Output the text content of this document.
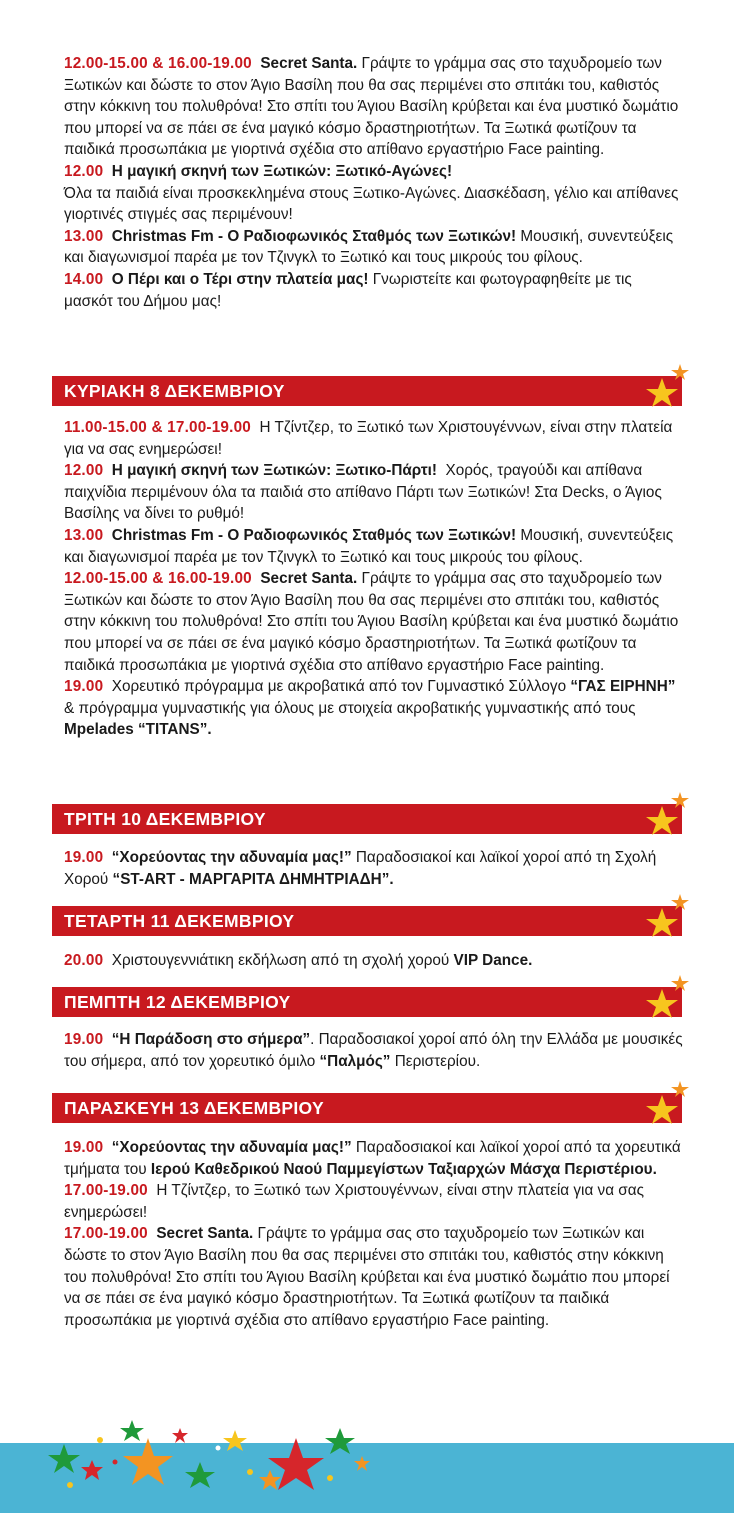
12.00-15.00 & 16.00-19.00 Secret Santa. Γράψτε το γράμμα σας στο ταχυδρομείο των Ξωτικών και δώστε το στον Άγιο Βασίλη που θα σας περιμένει στο σπιτάκι του, καθιστός στην κόκκινη του πολυθρόνα! Στο σπίτι του Άγιου Βασίλη κρύβεται και ένα μυστικό δωμάτιο που μπορεί να σε πάει σε ένα μαγικό κόσμο δραστηριοτήτων. Τα Ξωτικά φωτίζουν τα παιδικά προσωπάκια με γιορτινά σχέδια στο απίθανο εργαστήριο Face painting.

12.00 Η μαγική σκηνή των Ξωτικών: Ξωτικό-Αγώνες!
Όλα τα παιδιά είναι προσκεκλημένα στους Ξωτικο-Αγώνες. Διασκέδαση, γέλιο και απίθανες γιορτινές στιγμές σας περιμένουν!

13.00 Christmas Fm - Ο Ραδιοφωνικός Σταθμός των Ξωτικών! Μουσική, συνεντεύξεις και διαγωνισμοί παρέα με τον Τζινγκλ το Ξωτικό και τους μικρούς του φίλους.

14.00 Ο Πέρι και ο Τέρι στην πλατεία μας! Γνωριστείτε και φωτογραφηθείτε με τις μασκότ του Δήμου μας!

ΚΥΡΙΑΚΗ 8 ΔΕΚΕΜΒΡΙΟΥ

11.00-15.00 & 17.00-19.00 Η Τζίντζερ, το Ξωτικό των Χριστουγέννων, είναι στην πλατεία για να σας ενημερώσει!

12.00 Η μαγική σκηνή των Ξωτικών: Ξωτικο-Πάρτι! Χορός, τραγούδι και απίθανα παιχνίδια περιμένουν όλα τα παιδιά στο απίθανο Πάρτι των Ξωτικών! Στα Decks, ο Άγιος Βασίλης να δίνει το ρυθμό!

13.00 Christmas Fm - Ο Ραδιοφωνικός Σταθμός των Ξωτικών! Μουσική, συνεντεύξεις και διαγωνισμοί παρέα με τον Τζινγκλ το Ξωτικό και τους μικρούς του φίλους.

12.00-15.00 & 16.00-19.00 Secret Santa. Γράψτε το γράμμα σας στο ταχυδρομείο των Ξωτικών και δώστε το στον Άγιο Βασίλη που θα σας περιμένει στο σπιτάκι του, καθιστός στην κόκκινη του πολυθρόνα! Στο σπίτι του Άγιου Βασίλη κρύβεται και ένα μυστικό δωμάτιο που μπορεί να σε πάει σε ένα μαγικό κόσμο δραστηριοτήτων. Τα Ξωτικά φωτίζουν τα παιδικά προσωπάκια με γιορτινά σχέδια στο απίθανο εργαστήριο Face painting.

19.00 Χορευτικό πρόγραμμα με ακροβατικά από τον Γυμναστικό Σύλλογο “ΓΑΣ ΕΙΡΗΝΗ” & πρόγραμμα γυμναστικής για όλους με στοιχεία ακροβατικής γυμναστικής από τους Mpelades “TITANS”.

ΤΡΙΤΗ 10 ΔΕΚΕΜΒΡΙΟΥ

19.00 “Χορεύοντας την αδυναμία μας!” Παραδοσιακοί και λαϊκοί χοροί από τη Σχολή Χορού “ST-ART - ΜΑΡΓΑΡΙΤΑ ΔΗΜΗΤΡΙΑΔΗ”.

ΤΕΤΑΡΤΗ 11 ΔΕΚΕΜΒΡΙΟΥ

20.00 Χριστουγεννιάτικη εκδήλωση από τη σχολή χορού VIP Dance.

ΠΕΜΠΤΗ 12 ΔΕΚΕΜΒΡΙΟΥ

19.00 “Η Παράδοση στο σήμερα”. Παραδοσιακοί χοροί από όλη την Ελλάδα με μουσικές του σήμερα, από τον χορευτικό όμιλο “Παλμός” Περιστερίου.

ΠΑΡΑΣΚΕΥΗ 13 ΔΕΚΕΜΒΡΙΟΥ

19.00 “Χορεύοντας την αδυναμία μας!” Παραδοσιακοί και λαϊκοί χοροί από τα χορευτικά τμήματα του Ιερού Καθεδρικού Ναού Παμμεγίστων Ταξιαρχών Μάσχα Περιστέριου.

17.00-19.00 Η Τζίντζερ, το Ξωτικό των Χριστουγέννων, είναι στην πλατεία για να σας ενημερώσει!

17.00-19.00 Secret Santa. Γράψτε το γράμμα σας στο ταχυδρομείο των Ξωτικών και δώστε το στον Άγιο Βασίλη που θα σας περιμένει στο σπιτάκι του, καθιστός στην κόκκινη του πολυθρόνα! Στο σπίτι του Άγιου Βασίλη κρύβεται και ένα μυστικό δωμάτιο που μπορεί να σε πάει σε ένα μαγικό κόσμο δραστηριοτήτων. Τα Ξωτικά φωτίζουν τα παιδικά προσωπάκια με γιορτινά σχέδια στο απίθανο εργαστήριο Face painting.
